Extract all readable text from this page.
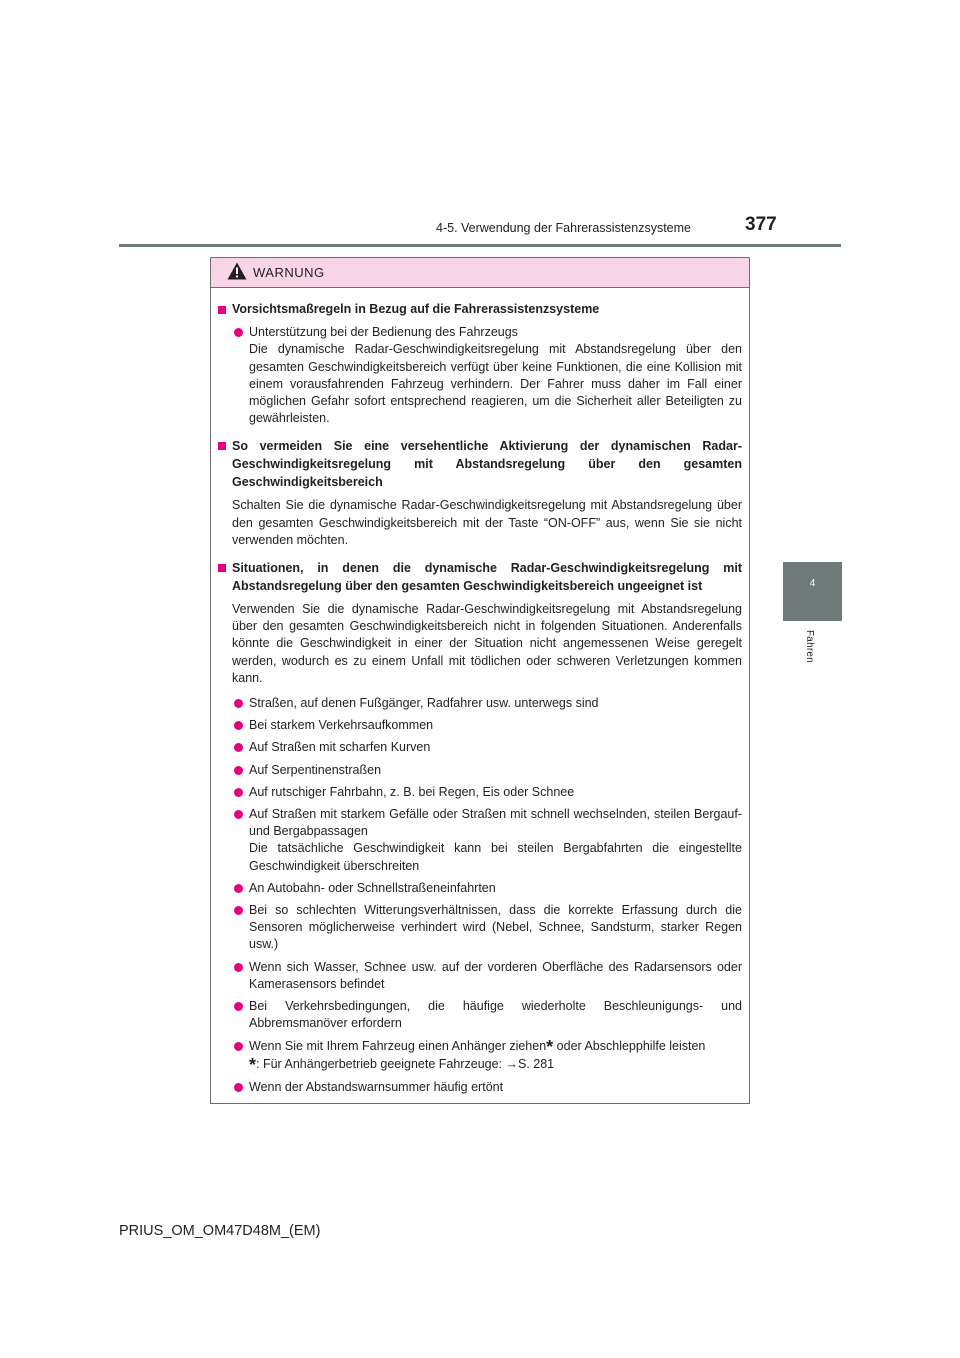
4-5. Verwendung der Fahrerassistenzsysteme	377
4
Fahren
WARNUNG
Vorsichtsmaßregeln in Bezug auf die Fahrerassistenzsysteme
Unterstützung bei der Bedienung des Fahrzeugs
Die dynamische Radar-Geschwindigkeitsregelung mit Abstandsregelung über den gesamten Geschwindigkeitsbereich verfügt über keine Funktionen, die eine Kollision mit einem vorausfahrenden Fahrzeug verhindern. Der Fahrer muss daher im Fall einer möglichen Gefahr sofort entsprechend reagieren, um die Sicherheit aller Beteiligten zu gewährleisten.
So vermeiden Sie eine versehentliche Aktivierung der dynamischen Radar-Geschwindigkeitsregelung mit Abstandsregelung über den gesamten Geschwindigkeitsbereich
Schalten Sie die dynamische Radar-Geschwindigkeitsregelung mit Abstandsregelung über den gesamten Geschwindigkeitsbereich mit der Taste “ON-OFF” aus, wenn Sie sie nicht verwenden möchten.
Situationen, in denen die dynamische Radar-Geschwindigkeitsregelung mit Abstandsregelung über den gesamten Geschwindigkeitsbereich ungeeignet ist
Verwenden Sie die dynamische Radar-Geschwindigkeitsregelung mit Abstandsregelung über den gesamten Geschwindigkeitsbereich nicht in folgenden Situationen. Anderenfalls könnte die Geschwindigkeit in einer der Situation nicht angemessenen Weise geregelt werden, wodurch es zu einem Unfall mit tödlichen oder schweren Verletzungen kommen kann.
Straßen, auf denen Fußgänger, Radfahrer usw. unterwegs sind
Bei starkem Verkehrsaufkommen
Auf Straßen mit scharfen Kurven
Auf Serpentinenstraßen
Auf rutschiger Fahrbahn, z. B. bei Regen, Eis oder Schnee
Auf Straßen mit starkem Gefälle oder Straßen mit schnell wechselnden, steilen Bergauf- und Bergabpassagen
Die tatsächliche Geschwindigkeit kann bei steilen Bergabfahrten die eingestellte Geschwindigkeit überschreiten
An Autobahn- oder Schnellstraßeneinfahrten
Bei so schlechten Witterungsverhältnissen, dass die korrekte Erfassung durch die Sensoren möglicherweise verhindert wird (Nebel, Schnee, Sandsturm, starker Regen usw.)
Wenn sich Wasser, Schnee usw. auf der vorderen Oberfläche des Radarsensors oder Kamerasensors befindet
Bei Verkehrsbedingungen, die häufige wiederholte Beschleunigungs- und Abbremsmanöver erfordern
Wenn Sie mit Ihrem Fahrzeug einen Anhänger ziehen* oder Abschlepphilfe leisten
*: Für Anhängerbetrieb geeignete Fahrzeuge: →S. 281
Wenn der Abstandswarnsummer häufig ertönt
PRIUS_OM_OM47D48M_(EM)
